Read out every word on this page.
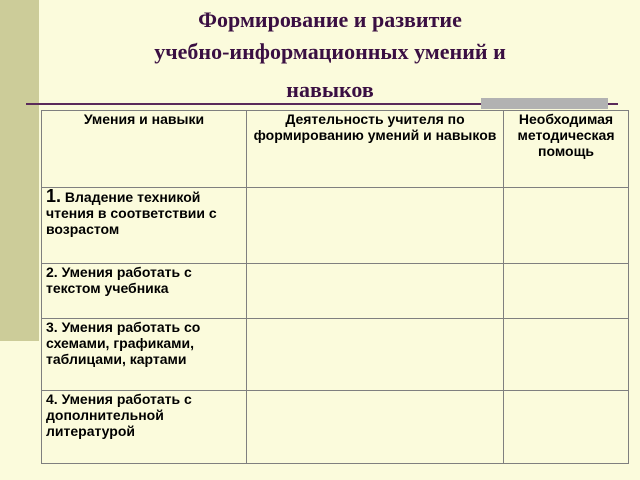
Формирование и развитие
учебно-информационных умений и
навыков
Умения и навыки	Деятельность учителя по формированию умений и навыков	Необходимая методическая помощь
1. Владение техникой чтения в соответствии с возрастом		
2. Умения работать с текстом учебника		
3. Умения работать со схемами, графиками, таблицами, картами		
4. Умения работать с дополнительной литературой		
